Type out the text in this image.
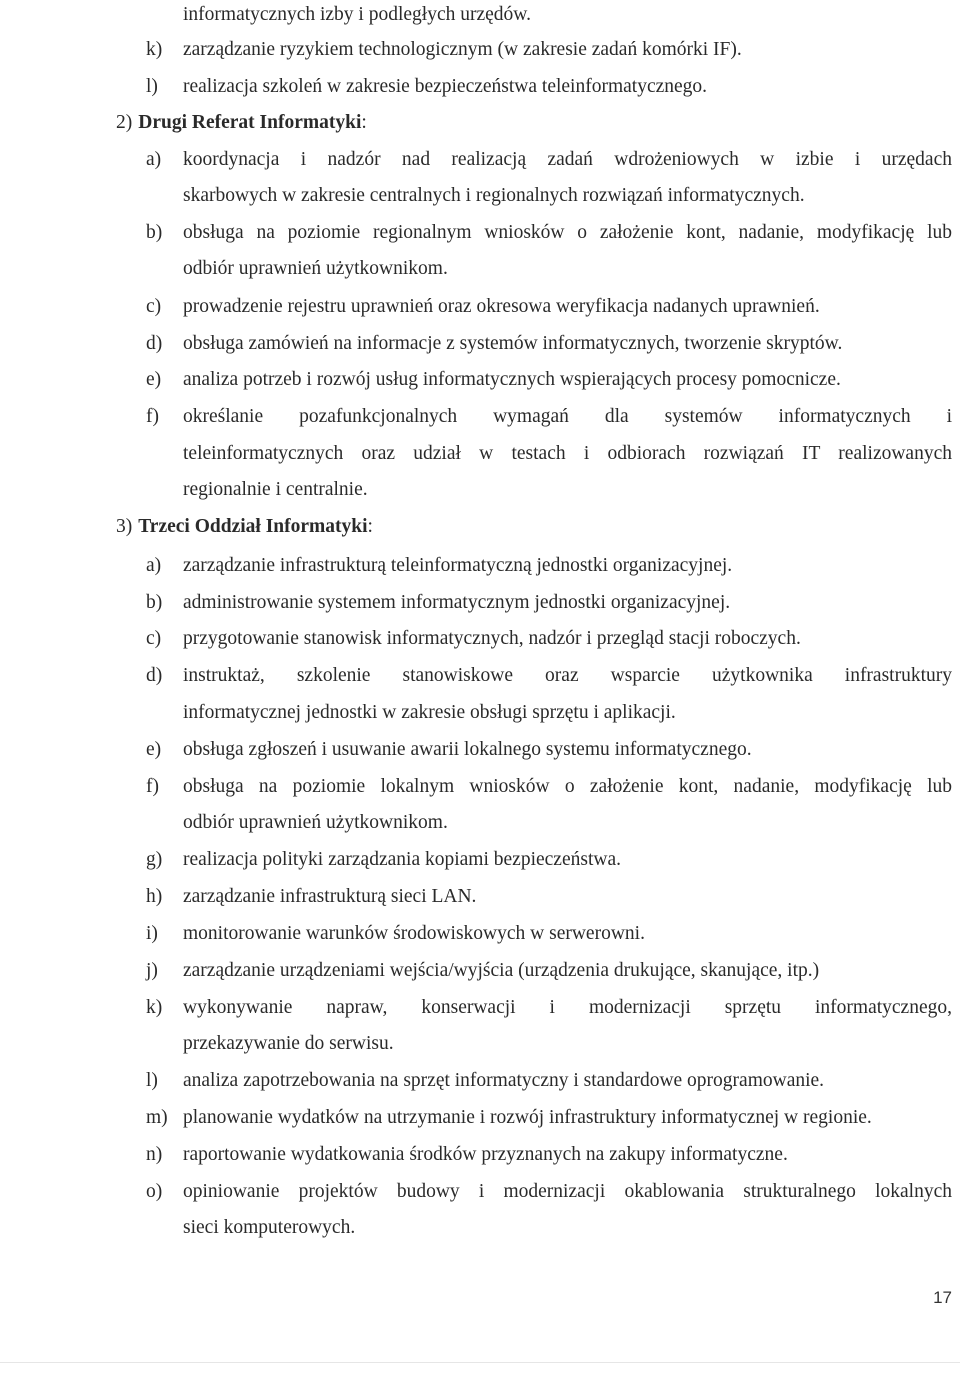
informatycznych izby i podległych urzędów.
k) zarządzanie ryzykiem technologicznym (w zakresie zadań komórki IF).
l) realizacja szkoleń w zakresie bezpieczeństwa teleinformatycznego.
2) Drugi Referat Informatyki:
a) koordynacja i nadzór nad realizacją zadań wdrożeniowych w izbie i urzędach
skarbowych w zakresie centralnych i regionalnych rozwiązań informatycznych.
b) obsługa na poziomie regionalnym wniosków o założenie kont, nadanie, modyfikację lub
odbiór uprawnień użytkownikom.
c) prowadzenie rejestru uprawnień oraz okresowa weryfikacja nadanych uprawnień.
d) obsługa zamówień na informacje z systemów informatycznych, tworzenie skryptów.
e) analiza potrzeb i rozwój usług informatycznych wspierających procesy pomocnicze.
f) określanie pozafunkcjonalnych wymagań dla systemów informatycznych i
teleinformatycznych oraz udział w testach i odbiorach rozwiązań IT realizowanych
regionalnie i centralnie.
3) Trzeci Oddział Informatyki:
a) zarządzanie infrastrukturą teleinformatyczną jednostki organizacyjnej.
b) administrowanie systemem informatycznym jednostki organizacyjnej.
c) przygotowanie stanowisk informatycznych, nadzór i przegląd stacji roboczych.
d) instruktaż, szkolenie stanowiskowe oraz wsparcie użytkownika infrastruktury
informatycznej jednostki w zakresie obsługi sprzętu i aplikacji.
e) obsługa zgłoszeń i usuwanie awarii lokalnego systemu informatycznego.
f) obsługa na poziomie lokalnym wniosków o założenie kont, nadanie, modyfikację lub
odbiór uprawnień użytkownikom.
g) realizacja polityki zarządzania kopiami bezpieczeństwa.
h) zarządzanie infrastrukturą sieci LAN.
i) monitorowanie warunków środowiskowych w serwerowni.
j) zarządzanie urządzeniami wejścia/wyjścia (urządzenia drukujące, skanujące, itp.)
k) wykonywanie napraw, konserwacji i modernizacji sprzętu informatycznego,
przekazywanie do serwisu.
l) analiza zapotrzebowania na sprzęt informatyczny i standardowe oprogramowanie.
m) planowanie wydatków na utrzymanie i rozwój infrastruktury informatycznej w regionie.
n) raportowanie wydatkowania środków przyznanych na zakupy informatyczne.
o) opiniowanie projektów budowy i modernizacji okablowania strukturalnego lokalnych
sieci komputerowych.
17
